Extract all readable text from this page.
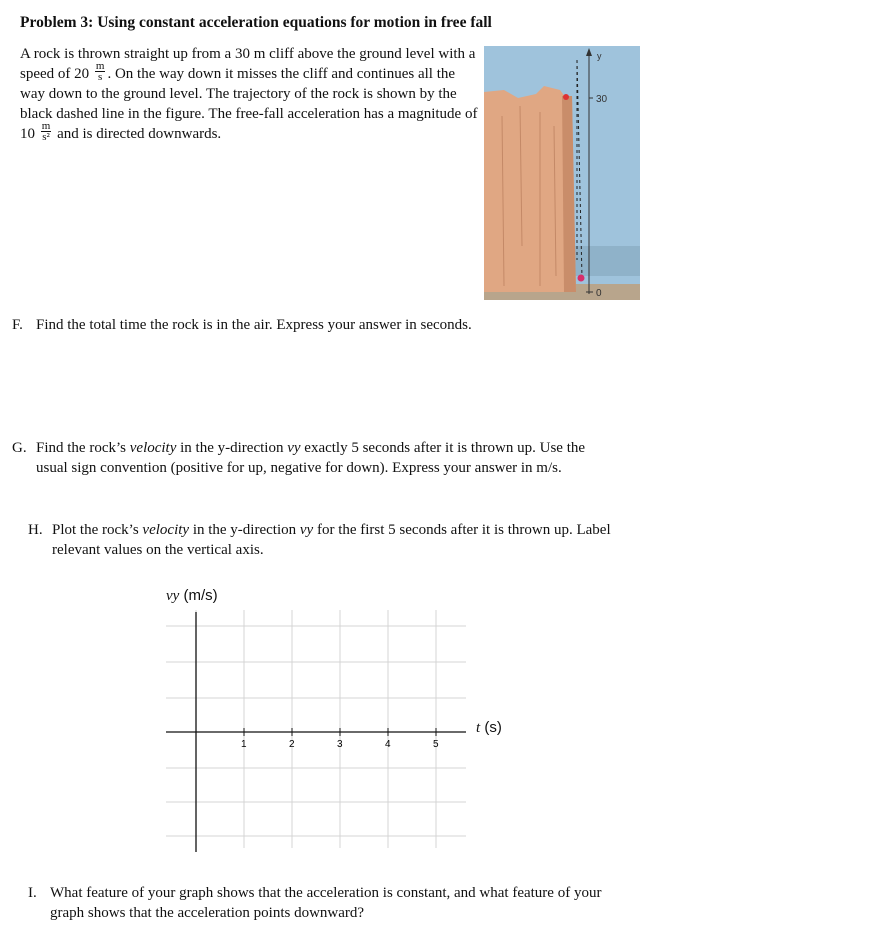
Problem 3: Using constant acceleration equations for motion in free fall
A rock is thrown straight up from a 30 m cliff above the ground level with a speed of $20 \frac{m}{s}$ . On the way down it misses the cliff and continues all the way down to the ground level. The trajectory of the rock is shown by the black dashed line in the figure. The free-fall acceleration has a magnitude of $10 \frac{m}{\text{s²}}$ and is directed downwards.
y
30
0
F. Find the total time the rock is in the air. Express your answer in seconds.
G. Find the rock’s velocity in the y-direction vy exactly 5 seconds after it is thrown up. Use the usual sign convention (positive for up, negative for down). Express your answer in m/s.
H. Plot the rock’s velocity in the y-direction vy for the first 5 seconds after it is thrown up. Label relevant values on the vertical axis.
vy (m/s)
1	2	3	4	5
t (s)
I. What feature of your graph shows that the acceleration is constant, and what feature of your graph shows that the acceleration points downward?
